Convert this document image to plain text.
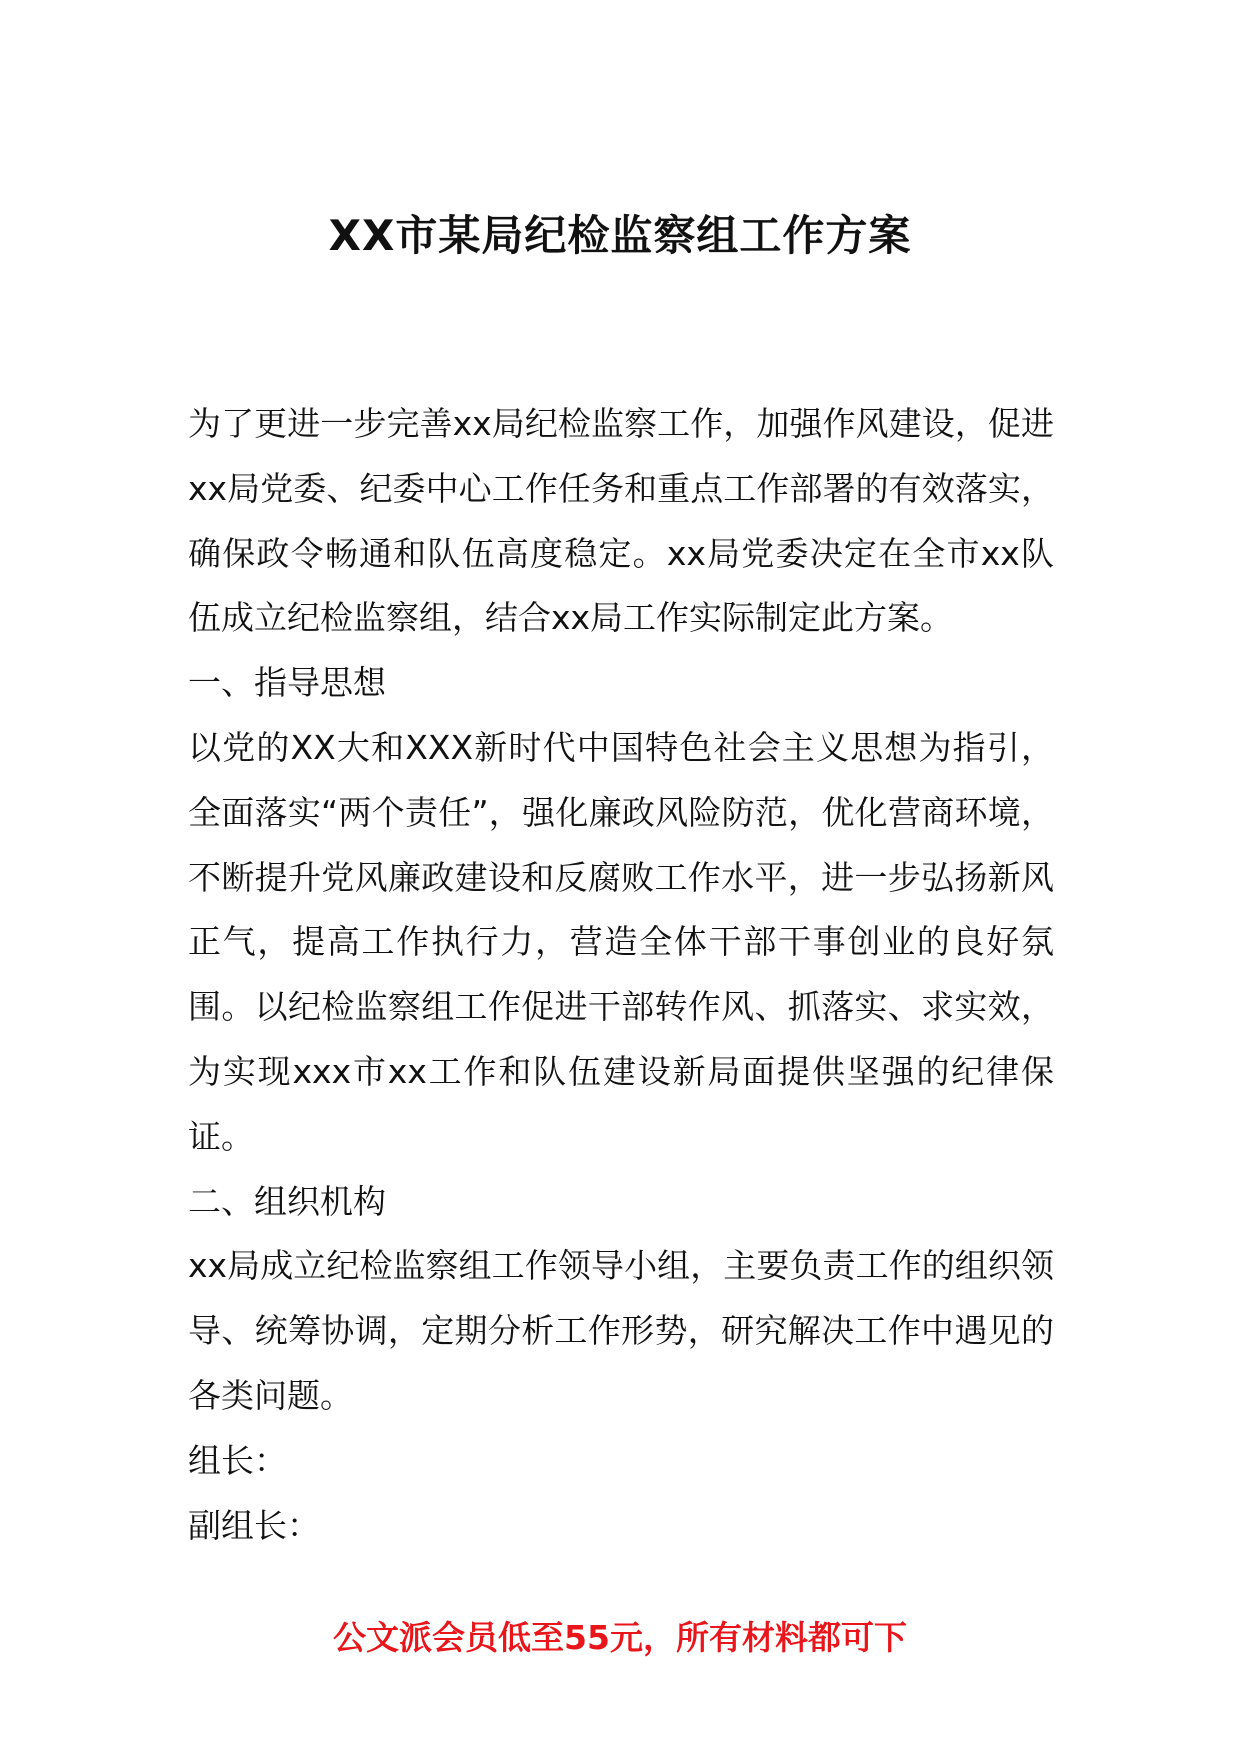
XX市某局纪检监察组工作方案

为了更进一步完善xx局纪检监察工作，加强作风建设，促进xx局党委、纪委中心工作任务和重点工作部署的有效落实，确保政令畅通和队伍高度稳定。xx局党委决定在全市xx队伍成立纪检监察组，结合xx局工作实际制定此方案。

一、指导思想

以党的XX大和XXX新时代中国特色社会主义思想为指引，全面落实“两个责任”，强化廉政风险防范，优化营商环境，不断提升党风廉政建设和反腐败工作水平，进一步弘扬新风正气，提高工作执行力，营造全体干部干事创业的良好氛围。以纪检监察组工作促进干部转作风、抓落实、求实效，为实现xxx市xx工作和队伍建设新局面提供坚强的纪律保证。

二、组织机构

xx局成立纪检监察组工作领导小组，主要负责工作的组织领导、统筹协调，定期分析工作形势，研究解决工作中遇见的各类问题。

组长：

副组长：

公文派会员低至55元，所有材料都可下
